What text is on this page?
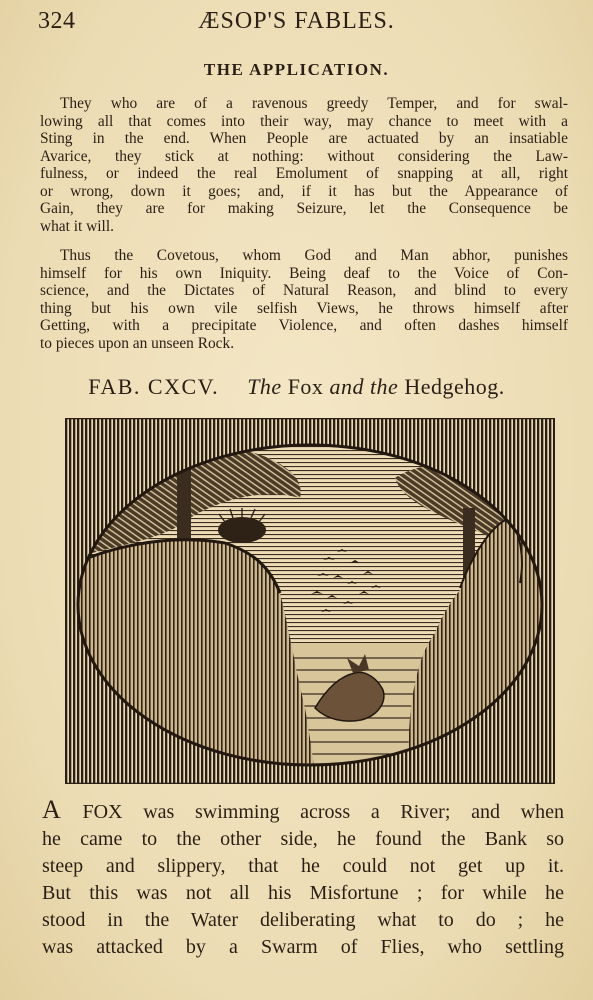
324	ÆSOP'S FABLES.
THE APPLICATION.
They who are of a ravenous greedy Temper, and for swal-
lowing all that comes into their way, may chance to meet with a
Sting in the end. When People are actuated by an insatiable
Avarice, they stick at nothing: without considering the Law-
fulness, or indeed the real Emolument of snapping at all, right
or wrong, down it goes; and, if it has but the Appearance of
Gain, they are for making Seizure, let the Consequence be
what it will.
Thus the Covetous, whom God and Man abhor, punishes
himself for his own Iniquity. Being deaf to the Voice of Con-
science, and the Dictates of Natural Reason, and blind to every
thing but his own vile selfish Views, he throws himself after
Getting, with a precipitate Violence, and often dashes himself
to pieces upon an unseen Rock.
FAB. CXCV. The Fox and the Hedgehog.
A FOX was swimming across a River; and when
he came to the other side, he found the Bank so
steep and slippery, that he could not get up it.
But this was not all his Misfortune ; for while he
stood in the Water deliberating what to do ; he
was attacked by a Swarm of Flies, who settling
